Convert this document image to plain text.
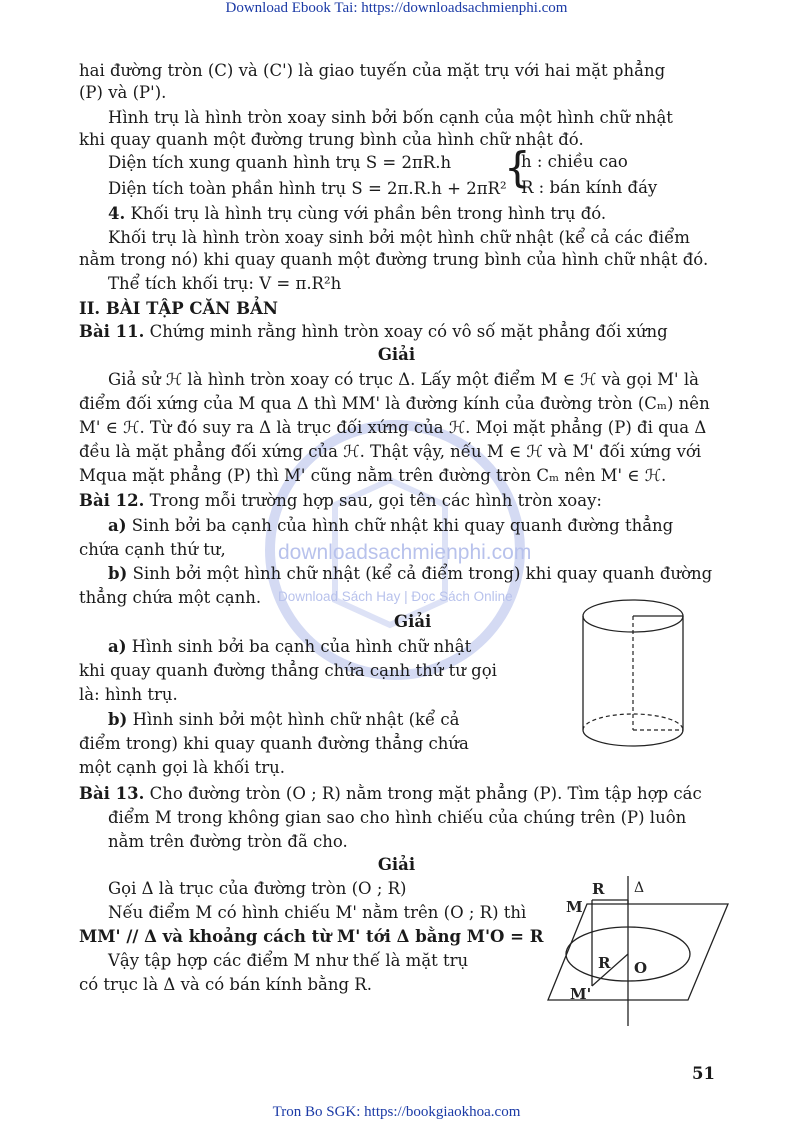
Download Ebook Tai: https://downloadsachmienphi.com
Tron Bo SGK: https://bookgiaokhoa.com
51
downloadsachmienphi.com
Download Sách Hay | Đọc Sách Online
hai đường tròn (C) và (C') là giao tuyến của mặt trụ với hai mặt phẳng
(P) và (P').
Hình trụ là hình tròn xoay sinh bởi bốn cạnh của một hình chữ nhật
khi quay quanh một đường trung bình của hình chữ nhật đó.
Diện tích xung quanh hình trụ S = 2πR.h
Diện tích toàn phần hình trụ S = 2π.R.h + 2πR²
{
h : chiều cao
R : bán kính đáy
4. Khối trụ là hình trụ cùng với phần bên trong hình trụ đó.
Khối trụ là hình tròn xoay sinh bởi một hình chữ nhật (kể cả các điểm
nằm trong nó) khi quay quanh một đường trung bình của hình chữ nhật đó.
Thể tích khối trụ: V = π.R²h
II. BÀI TẬP CĂN BẢN
Bài 11. Chứng minh rằng hình tròn xoay có vô số mặt phẳng đối xứng
Giải
Giả sử ℋ là hình tròn xoay có trục Δ. Lấy một điểm M ∈ ℋ và gọi M' là
điểm đối xứng của M qua Δ thì MM' là đường kính của đường tròn (Cₘ) nên
M' ∈ ℋ. Từ đó suy ra Δ là trục đối xứng của ℋ. Mọi mặt phẳng (P) đi qua Δ
đều là mặt phẳng đối xứng của ℋ. Thật vậy, nếu M ∈ ℋ và M' đối xứng với
Mqua mặt phẳng (P) thì M' cũng nằm trên đường tròn Cₘ nên M' ∈ ℋ.
Bài 12. Trong mỗi trường hợp sau, gọi tên các hình tròn xoay:
a) Sinh bởi ba cạnh của hình chữ nhật khi quay quanh đường thẳng
chứa cạnh thứ tư,
b) Sinh bởi một hình chữ nhật (kể cả điểm trong) khi quay quanh đường
thẳng chứa một cạnh.
Giải
a) Hình sinh bởi ba cạnh của hình chữ nhật
khi quay quanh đường thẳng chứa cạnh thứ tư gọi
là: hình trụ.
b) Hình sinh bởi một hình chữ nhật (kể cả
điểm trong) khi quay quanh đường thẳng chứa
một cạnh gọi là khối trụ.
Bài 13. Cho đường tròn (O ; R) nằm trong mặt phẳng (P). Tìm tập hợp các
điểm M trong không gian sao cho hình chiếu của chúng trên (P) luôn
nằm trên đường tròn đã cho.
Giải
Gọi Δ là trục của đường tròn (O ; R)
Nếu điểm M có hình chiếu M' nằm trên (O ; R) thì
MM' // Δ và khoảng cách từ M' tới Δ bằng M'O = R
Vậy tập hợp các điểm M như thế là mặt trụ
có trục là Δ và có bán kính bằng R.
R Δ
M
R O
M'
